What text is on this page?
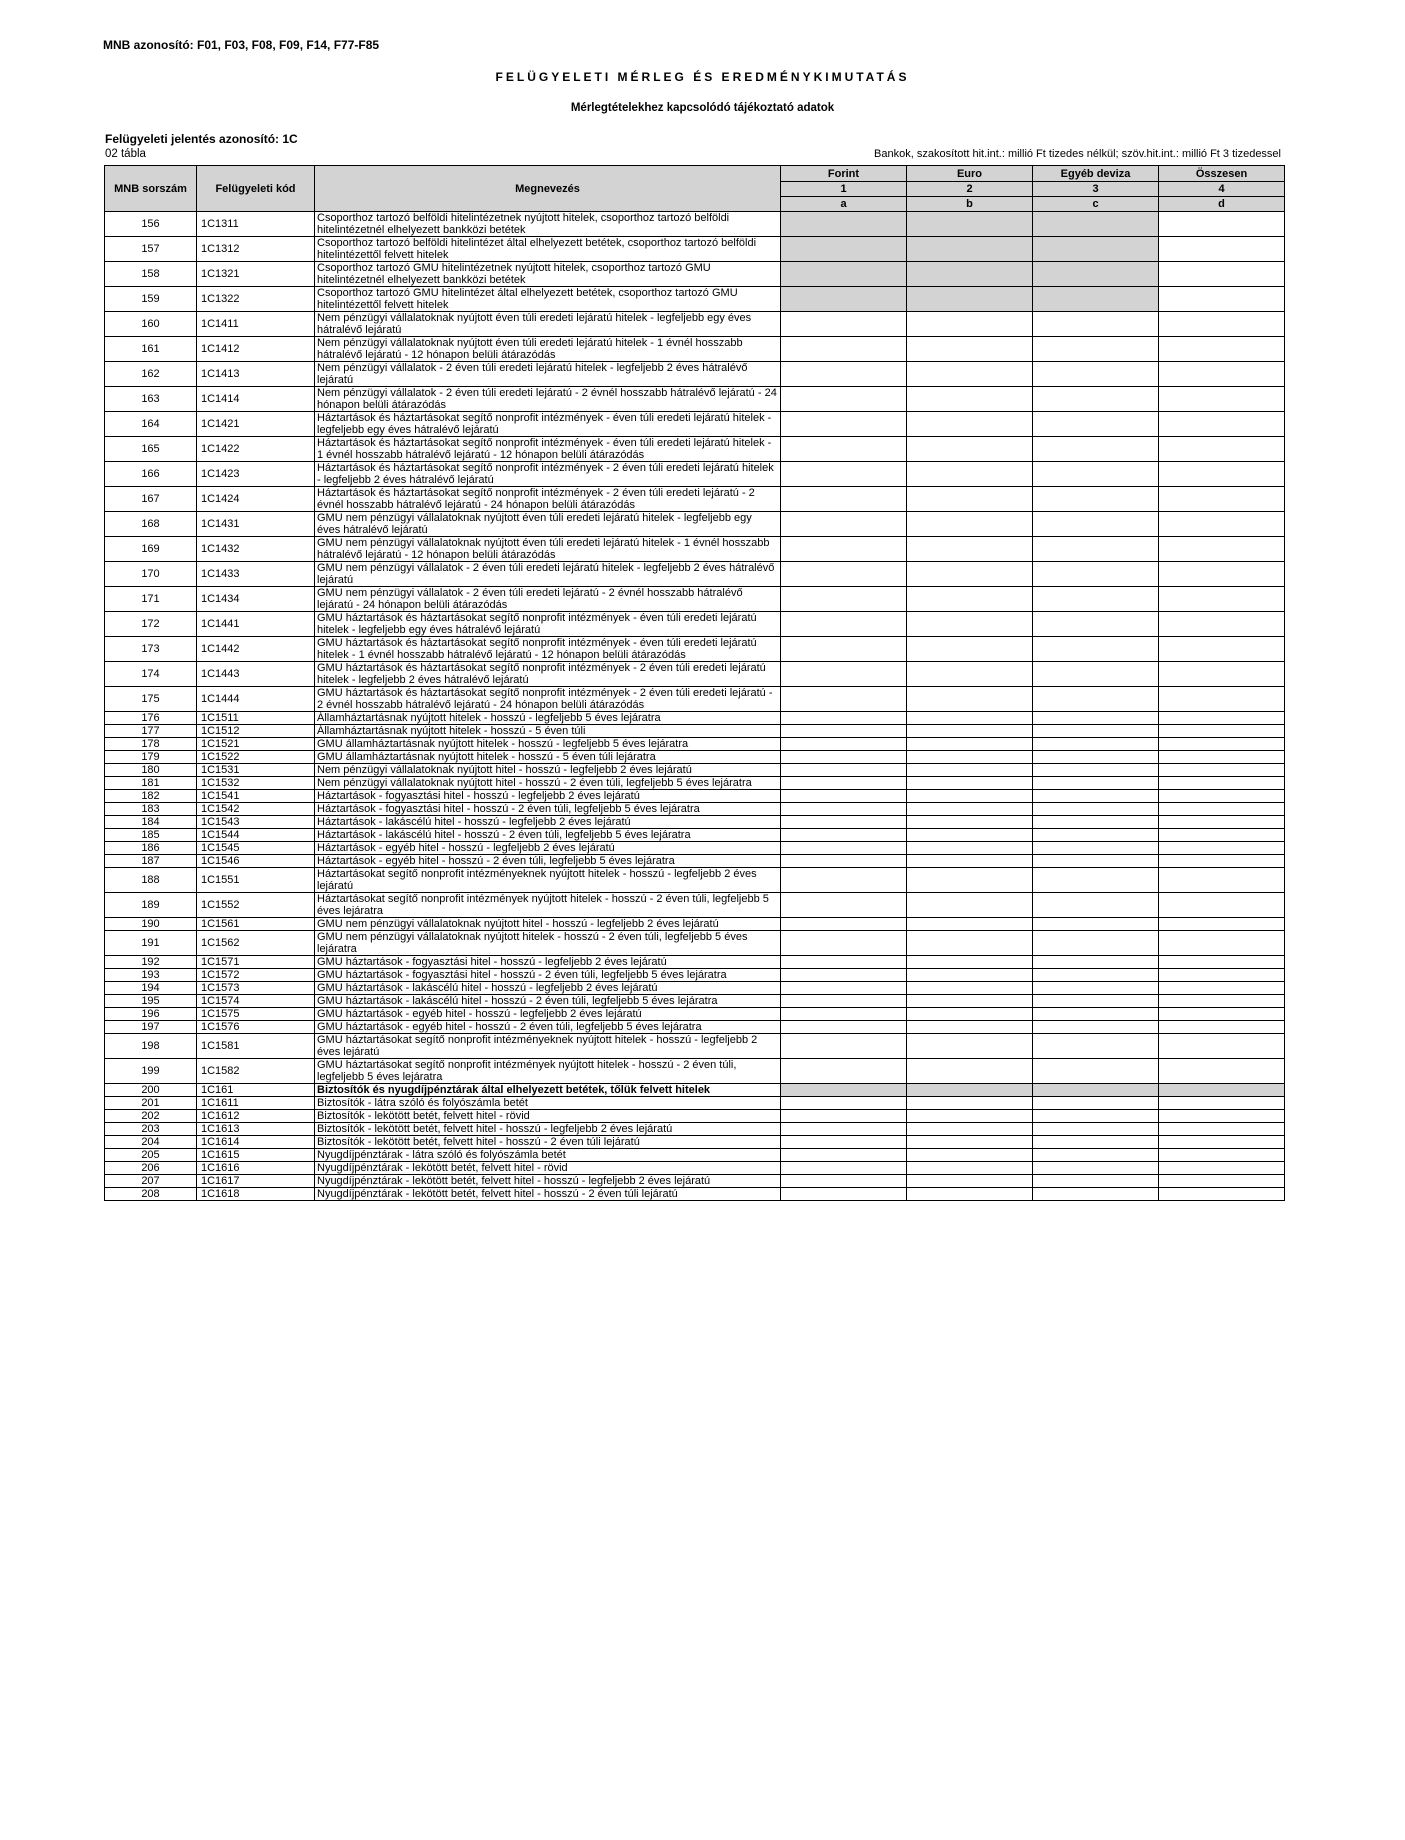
MNB azonosító: F01, F03, F08, F09, F14, F77-F85
FELÜGYELETI MÉRLEG ÉS EREDMÉNYKIMUTATÁS
Mérlegtételekhez kapcsolódó tájékoztató adatok
Felügyeleti jelentés azonosító: 1C
02 tábla	Bankok, szakosított hit.int.: millió Ft tizedes nélkül; szöv.hit.int.: millió Ft 3 tizedessel
MNB sorszám	Felügyeleti kód	Megnevezés	Forint	Euro	Egyéb deviza	Összesen
			1	2	3	4
			a	b	c	d
156	1C1311	Csoporthoz tartozó belföldi hitelintézetnek nyújtott hitelek, csoporthoz tartozó belföldi hitelintézetnél elhelyezett bankközi betétek				
157	1C1312	Csoporthoz tartozó belföldi hitelintézet által elhelyezett betétek, csoporthoz tartozó belföldi hitelintézettől felvett hitelek				
158	1C1321	Csoporthoz tartozó GMU hitelintézetnek nyújtott hitelek, csoporthoz tartozó GMU hitelintézetnél elhelyezett bankközi betétek				
159	1C1322	Csoporthoz tartozó GMU hitelintézet által elhelyezett betétek, csoporthoz tartozó GMU hitelintézettől felvett hitelek				
160	1C1411	Nem pénzügyi vállalatoknak nyújtott éven túli eredeti lejáratú hitelek - legfeljebb egy éves hátralévő lejáratú				
161	1C1412	Nem pénzügyi vállalatoknak nyújtott éven túli eredeti lejáratú hitelek - 1 évnél hosszabb hátralévő lejáratú - 12 hónapon belüli átárazódás				
162	1C1413	Nem pénzügyi vállalatok - 2 éven túli eredeti lejáratú hitelek - legfeljebb 2 éves hátralévő lejáratú				
163	1C1414	Nem pénzügyi vállalatok - 2 éven túli eredeti lejáratú - 2 évnél hosszabb hátralévő lejáratú - 24 hónapon belüli átárazódás				
164	1C1421	Háztartások és háztartásokat segítő nonprofit intézmények - éven túli eredeti lejáratú hitelek - legfeljebb egy éves hátralévő lejáratú				
165	1C1422	Háztartások és háztartásokat segítő nonprofit intézmények - éven túli eredeti lejáratú hitelek - 1 évnél hosszabb hátralévő lejáratú - 12 hónapon belüli átárazódás				
166	1C1423	Háztartások és háztartásokat segítő nonprofit intézmények - 2 éven túli eredeti lejáratú hitelek - legfeljebb 2 éves hátralévő lejáratú				
167	1C1424	Háztartások és háztartásokat segítő nonprofit intézmények - 2 éven túli eredeti lejáratú - 2 évnél hosszabb hátralévő lejáratú - 24 hónapon belüli átárazódás				
168	1C1431	GMU nem pénzügyi vállalatoknak nyújtott éven túli eredeti lejáratú hitelek - legfeljebb egy éves hátralévő lejáratú				
169	1C1432	GMU nem pénzügyi vállalatoknak nyújtott éven túli eredeti lejáratú hitelek - 1 évnél hosszabb hátralévő lejáratú - 12 hónapon belüli átárazódás				
170	1C1433	GMU nem pénzügyi vállalatok - 2 éven túli eredeti lejáratú hitelek - legfeljebb 2 éves hátralévő lejáratú				
171	1C1434	GMU nem pénzügyi vállalatok - 2 éven túli eredeti lejáratú - 2 évnél hosszabb hátralévő lejáratú - 24 hónapon belüli átárazódás				
172	1C1441	GMU háztartások és háztartásokat segítő nonprofit intézmények - éven túli eredeti lejáratú hitelek - legfeljebb egy éves hátralévő lejáratú				
173	1C1442	GMU háztartások és háztartásokat segítő nonprofit intézmények - éven túli eredeti lejáratú hitelek - 1 évnél hosszabb hátralévő lejáratú - 12 hónapon belüli átárazódás				
174	1C1443	GMU háztartások és háztartásokat segítő nonprofit intézmények - 2 éven túli eredeti lejáratú hitelek - legfeljebb 2 éves hátralévő lejáratú				
175	1C1444	GMU háztartások és háztartásokat segítő nonprofit intézmények - 2 éven túli eredeti lejáratú - 2 évnél hosszabb hátralévő lejáratú - 24 hónapon belüli átárazódás				
176	1C1511	Államháztartásnak nyújtott hitelek - hosszú - legfeljebb 5 éves lejáratra				
177	1C1512	Államháztartásnak nyújtott hitelek - hosszú - 5 éven túli				
178	1C1521	GMU államháztartásnak nyújtott hitelek - hosszú - legfeljebb 5 éves lejáratra				
179	1C1522	GMU államháztartásnak nyújtott hitelek - hosszú - 5 éven túli lejáratra				
180	1C1531	Nem pénzügyi vállalatoknak nyújtott hitel - hosszú - legfeljebb 2 éves lejáratú				
181	1C1532	Nem pénzügyi vállalatoknak nyújtott hitel - hosszú - 2 éven túli, legfeljebb 5 éves lejáratra				
182	1C1541	Háztartások - fogyasztási hitel - hosszú - legfeljebb 2 éves lejáratú				
183	1C1542	Háztartások - fogyasztási hitel - hosszú - 2 éven túli, legfeljebb 5 éves lejáratra				
184	1C1543	Háztartások - lakáscélú hitel - hosszú - legfeljebb 2 éves lejáratú				
185	1C1544	Háztartások - lakáscélú hitel - hosszú - 2 éven túli, legfeljebb 5 éves lejáratra				
186	1C1545	Háztartások - egyéb hitel - hosszú - legfeljebb 2 éves lejáratú				
187	1C1546	Háztartások - egyéb hitel - hosszú - 2 éven túli, legfeljebb 5 éves lejáratra				
188	1C1551	Háztartásokat segítő nonprofit intézményeknek nyújtott hitelek - hosszú - legfeljebb 2 éves lejáratú				
189	1C1552	Háztartásokat segítő nonprofit intézmények nyújtott hitelek - hosszú - 2 éven túli, legfeljebb 5 éves lejáratra				
190	1C1561	GMU nem pénzügyi vállalatoknak nyújtott hitel - hosszú - legfeljebb 2 éves lejáratú				
191	1C1562	GMU nem pénzügyi vállalatoknak nyújtott hitelek - hosszú - 2 éven túli, legfeljebb 5 éves lejáratra				
192	1C1571	GMU háztartások - fogyasztási hitel - hosszú - legfeljebb 2 éves lejáratú				
193	1C1572	GMU háztartások - fogyasztási hitel - hosszú - 2 éven túli, legfeljebb 5 éves lejáratra				
194	1C1573	GMU háztartások - lakáscélú hitel - hosszú - legfeljebb 2 éves lejáratú				
195	1C1574	GMU háztartások - lakáscélú hitel - hosszú - 2 éven túli, legfeljebb 5 éves lejáratra				
196	1C1575	GMU háztartások - egyéb hitel - hosszú - legfeljebb 2 éves lejáratú				
197	1C1576	GMU háztartások - egyéb hitel - hosszú - 2 éven túli, legfeljebb 5 éves lejáratra				
198	1C1581	GMU háztartásokat segítő nonprofit intézményeknek nyújtott hitelek - hosszú - legfeljebb 2 éves lejáratú				
199	1C1582	GMU háztartásokat segítő nonprofit intézmények nyújtott hitelek - hosszú - 2 éven túli, legfeljebb 5 éves lejáratra				
200	1C161	Biztosítók és nyugdíjpénztárak által elhelyezett betétek, tőlük felvett hitelek				
201	1C1611	Biztosítók - látra szóló és folyószámla betét				
202	1C1612	Biztosítók - lekötött betét, felvett hitel - rövid				
203	1C1613	Biztosítók - lekötött betét, felvett hitel - hosszú - legfeljebb 2 éves lejáratú				
204	1C1614	Biztosítók - lekötött betét, felvett hitel - hosszú - 2 éven túli lejáratú				
205	1C1615	Nyugdíjpénztárak - látra szóló és folyószámla betét				
206	1C1616	Nyugdíjpénztárak - lekötött betét, felvett hitel - rövid				
207	1C1617	Nyugdíjpénztárak - lekötött betét, felvett hitel - hosszú - legfeljebb 2 éves lejáratú				
208	1C1618	Nyugdíjpénztárak - lekötött betét, felvett hitel - hosszú - 2 éven túli lejáratú				
